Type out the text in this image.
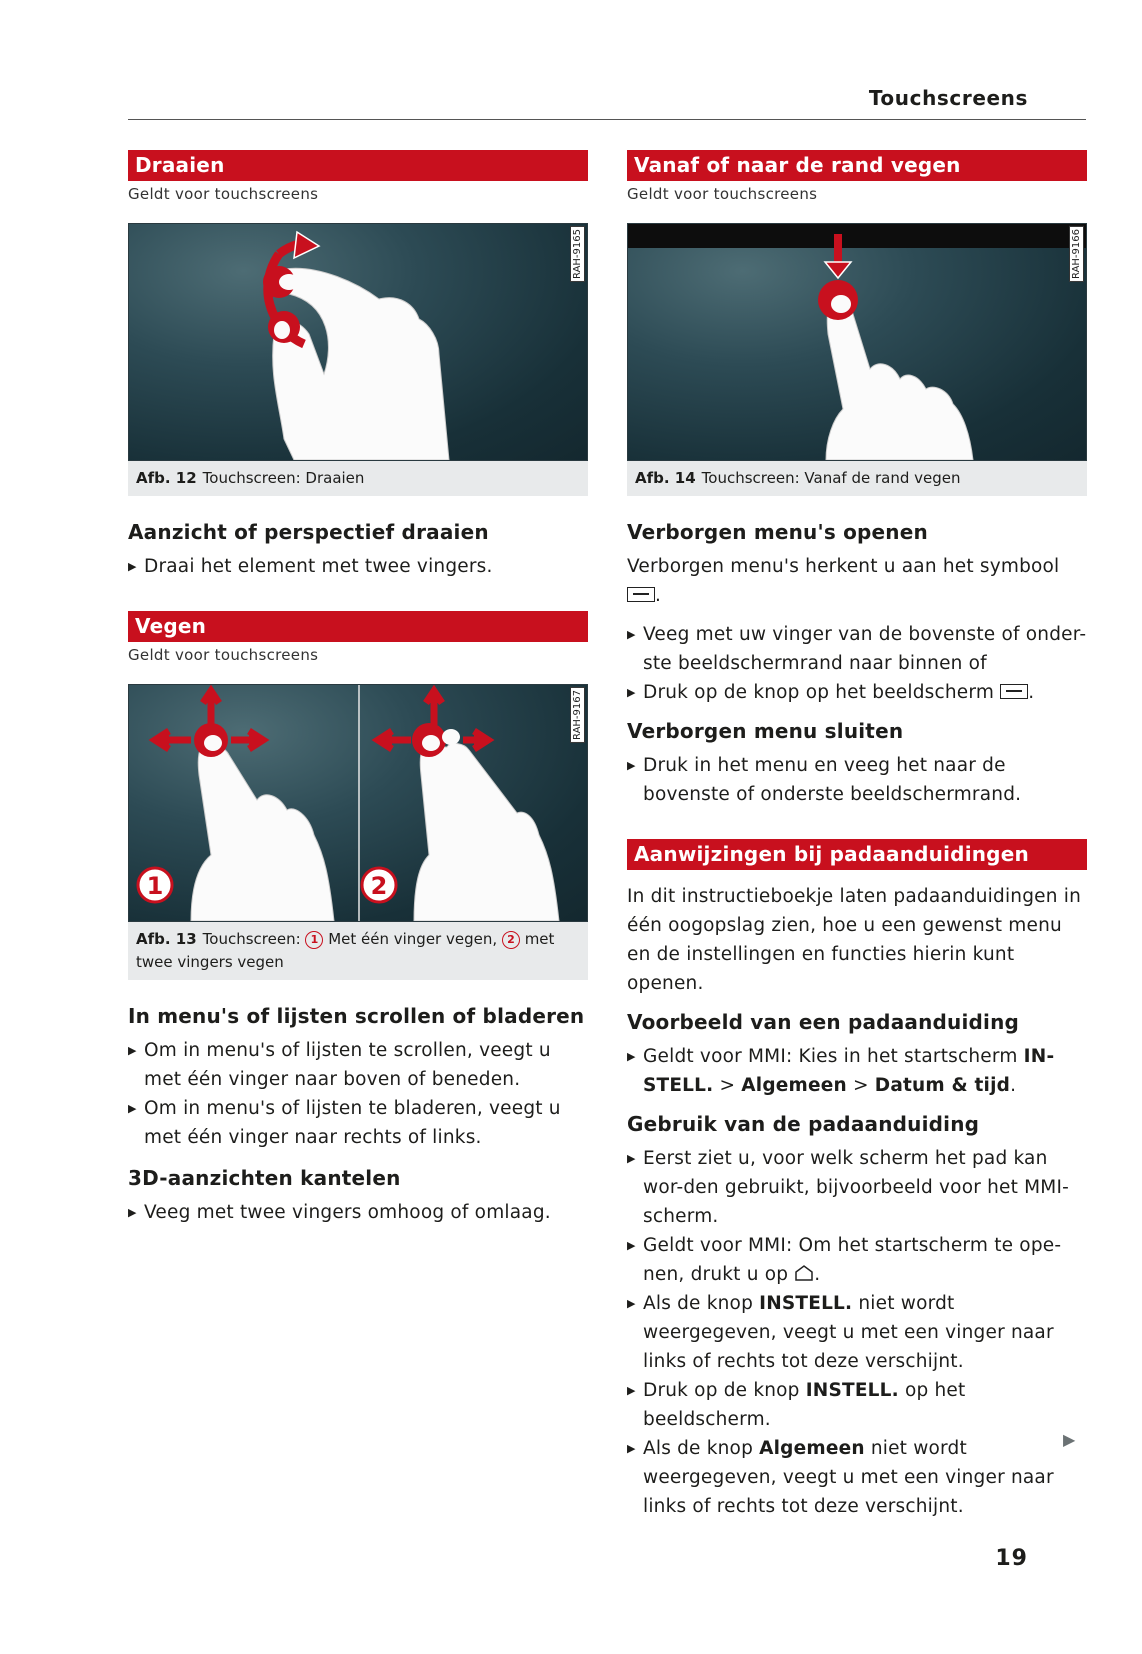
Touchscreens
Draaien
Geldt voor touchscreens
RAH-9165
Afb. 12 Touchscreen: Draaien
Aanzicht of perspectief draaien
▶ Draai het element met twee vingers.
Vegen
Geldt voor touchscreens
1	2
RAH-9167
Afb. 13 Touchscreen: 1 Met één vinger vegen, 2 met twee vingers vegen
In menu's of lijsten scrollen of bladeren
▶ Om in menu's of lijsten te scrollen, veegt u met één vinger naar boven of beneden.
▶ Om in menu's of lijsten te bladeren, veegt u met één vinger naar rechts of links.
3D-aanzichten kantelen
▶ Veeg met twee vingers omhoog of omlaag.
Vanaf of naar de rand vegen
Geldt voor touchscreens
RAH-9166
Afb. 14 Touchscreen: Vanaf de rand vegen
Verborgen menu's openen
Verborgen menu's herkent u aan het symbool
.
▶ Veeg met uw vinger van de bovenste of onder-ste beeldschermrand naar binnen of
▶ Druk op de knop op het beeldscherm .
Verborgen menu sluiten
▶ Druk in het menu en veeg het naar de bovenste of onderste beeldschermrand.
Aanwijzingen bij padaanduidingen
In dit instructieboekje laten padaanduidingen in één oogopslag zien, hoe u een gewenst menu en de instellingen en functies hierin kunt openen.
Voorbeeld van een padaanduiding
▶ Geldt voor MMI: Kies in het startscherm IN-STELL. > Algemeen > Datum & tijd.
Gebruik van de padaanduiding
▶ Eerst ziet u, voor welk scherm het pad kan wor-den gebruikt, bijvoorbeeld voor het MMI-scherm.
▶ Geldt voor MMI: Om het startscherm te ope-nen, drukt u op .
▶ Als de knop INSTELL. niet wordt weergegeven, veegt u met een vinger naar links of rechts tot deze verschijnt.
▶ Druk op de knop INSTELL. op het beeldscherm.
▶ Als de knop Algemeen niet wordt weergegeven, veegt u met een vinger naar links of rechts tot deze verschijnt.
▶
19
